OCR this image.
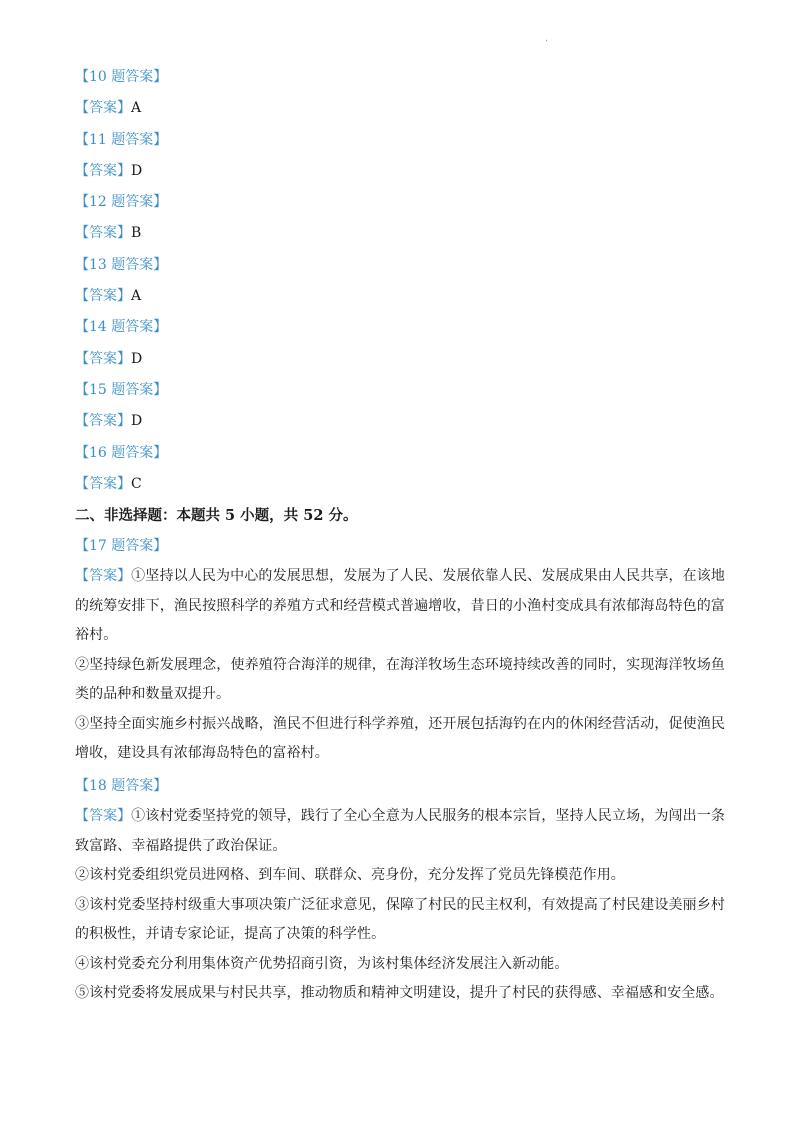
·
【10 题答案】
【答案】A
【11 题答案】
【答案】D
【12 题答案】
【答案】B
【13 题答案】
【答案】A
【14 题答案】
【答案】D
【15 题答案】
【答案】D
【16 题答案】
【答案】C
二、非选择题：本题共 5 小题，共 52 分。
【17 题答案】
【答案】①坚持以人民为中心的发展思想，发展为了人民、发展依靠人民、发展成果由人民共享，在该地的统筹安排下，渔民按照科学的养殖方式和经营模式普遍增收，昔日的小渔村变成具有浓郁海岛特色的富裕村。
②坚持绿色新发展理念，使养殖符合海洋的规律，在海洋牧场生态环境持续改善的同时，实现海洋牧场鱼类的品种和数量双提升。
③坚持全面实施乡村振兴战略，渔民不但进行科学养殖，还开展包括海钓在内的休闲经营活动，促使渔民增收，建设具有浓郁海岛特色的富裕村。
【18 题答案】
【答案】①该村党委坚持党的领导，践行了全心全意为人民服务的根本宗旨，坚持人民立场，为闯出一条致富路、幸福路提供了政治保证。
②该村党委组织党员进网格、到车间、联群众、亮身份，充分发挥了党员先锋模范作用。
③该村党委坚持村级重大事项决策广泛征求意见，保障了村民的民主权利，有效提高了村民建设美丽乡村的积极性，并请专家论证，提高了决策的科学性。
④该村党委充分利用集体资产优势招商引资，为该村集体经济发展注入新动能。
⑤该村党委将发展成果与村民共享，推动物质和精神文明建设，提升了村民的获得感、幸福感和安全感。
